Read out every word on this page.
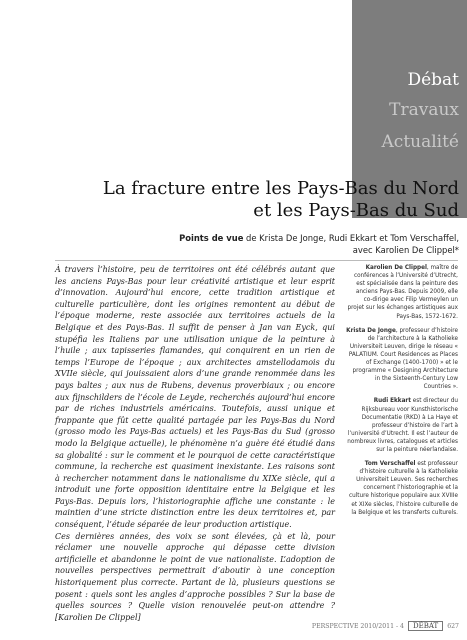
Débat
Travaux
Actualité
La fracture entre les Pays-Bas du Nord
et les Pays-Bas du Sud
Points de vue de Krista De Jonge, Rudi Ekkart et Tom Verschaffel,
avec Karolien De Clippel*

À travers l’histoire, peu de territoires ont été célébrés autant que les anciens Pays-Bas pour leur créativité artistique et leur esprit d’innovation. Aujourd’hui encore, cette tradition artistique et culturelle particulière, dont les origines remontent au début de l’époque moderne, reste associée aux territoires actuels de la Belgique et des Pays-Bas. Il suffit de penser à Jan van Eyck, qui stupéfia les Italiens par une utilisation unique de la peinture à l’huile ; aux tapisseries flamandes, qui conquirent en un rien de temps l’Europe de l’époque ; aux architectes amstellodamois du XVIIe siècle, qui jouissaient alors d’une grande renommée dans les pays baltes ; aux nus de Rubens, devenus proverbiaux ; ou encore aux fijnschilders de l’école de Leyde, recherchés aujourd’hui encore par de riches industriels américains. Toutefois, aussi unique et frappante que fût cette qualité partagée par les Pays-Bas du Nord (grosso modo les Pays-Bas actuels) et les Pays-Bas du Sud (grosso modo la Belgique actuelle), le phénomène n’a guère été étudié dans sa globalité : sur le comment et le pourquoi de cette caractéristique commune, la recherche est quasiment inexistante. Les raisons sont à rechercher notamment dans le nationalisme du XIXe siècle, qui a introduit une forte opposition identitaire entre la Belgique et les Pays-Bas. Depuis lors, l’historiographie affiche une constante : le maintien d’une stricte distinction entre les deux territoires et, par conséquent, l’étude séparée de leur production artistique.

Ces dernières années, des voix se sont élevées, çà et là, pour réclamer une nouvelle approche qui dépasse cette division artificielle et abandonne le point de vue nationaliste. L’adoption de nouvelles perspectives permettrait d’aboutir à une conception historiquement plus correcte. Partant de là, plusieurs questions se posent : quels sont les angles d’approche possibles ? Sur la base de quelles sources ? Quelle vision renouvelée peut-on attendre ? [Karolien De Clippel]

Karolien De Clippel, maître de conférences à l’Université d’Utrecht, est spécialisée dans la peinture des anciens Pays-Bas. Depuis 2009, elle co-dirige avec Filip Vermeylen un projet sur les échanges artistiques aux Pays-Bas, 1572-1672.

Krista De Jonge, professeur d’histoire de l’architecture à la Katholieke Universiteit Leuven, dirige le réseau « PALATIUM. Court Residences as Places of Exchange (1400-1700) » et le programme « Designing Architecture in the Sixteenth-Century Low Countries ».

Rudi Ekkart est directeur du Rijksbureau voor Kunsthistorische Documentatie (RKD) à La Haye et professeur d’histoire de l’art à l’université d’Utrecht. Il est l’auteur de nombreux livres, catalogues et articles sur la peinture néerlandaise.

Tom Verschaffel est professeur d’histoire culturelle à la Katholieke Universiteit Leuven. Ses recherches concernent l’historiographie et la culture historique populaire aux XVIIIe et XIXe siècles, l’histoire culturelle de la Belgique et les transferts culturels.

PERSPECTIVE 2010/2011 - 4	DÉBAT	627
